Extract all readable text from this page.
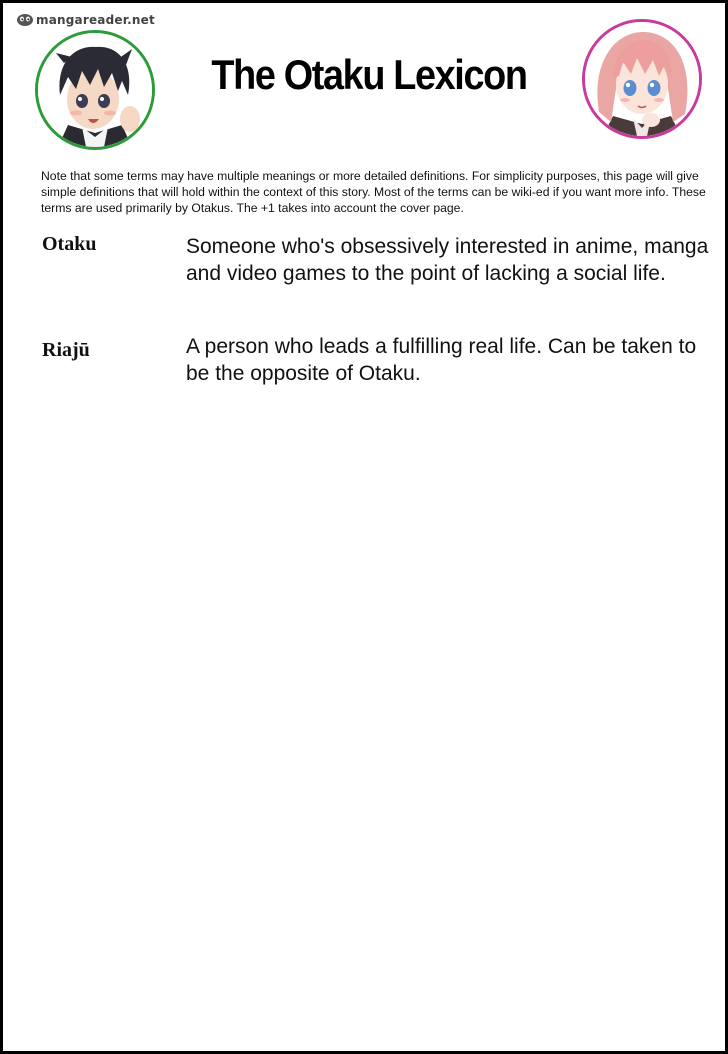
mangareader.net
The Otaku Lexicon
Note that some terms may have multiple meanings or more detailed definitions. For simplicity purposes, this page will give simple definitions that will hold within the context of this story. Most of the terms can be wiki-ed if you want more info. These terms are used primarily by Otakus. The +1 takes into account the cover page.
Otaku	Someone who's obsessively interested in anime, manga and video games to the point of lacking a social life.
Riajū	A person who leads a fulfilling real life. Can be taken to be the opposite of Otaku.
